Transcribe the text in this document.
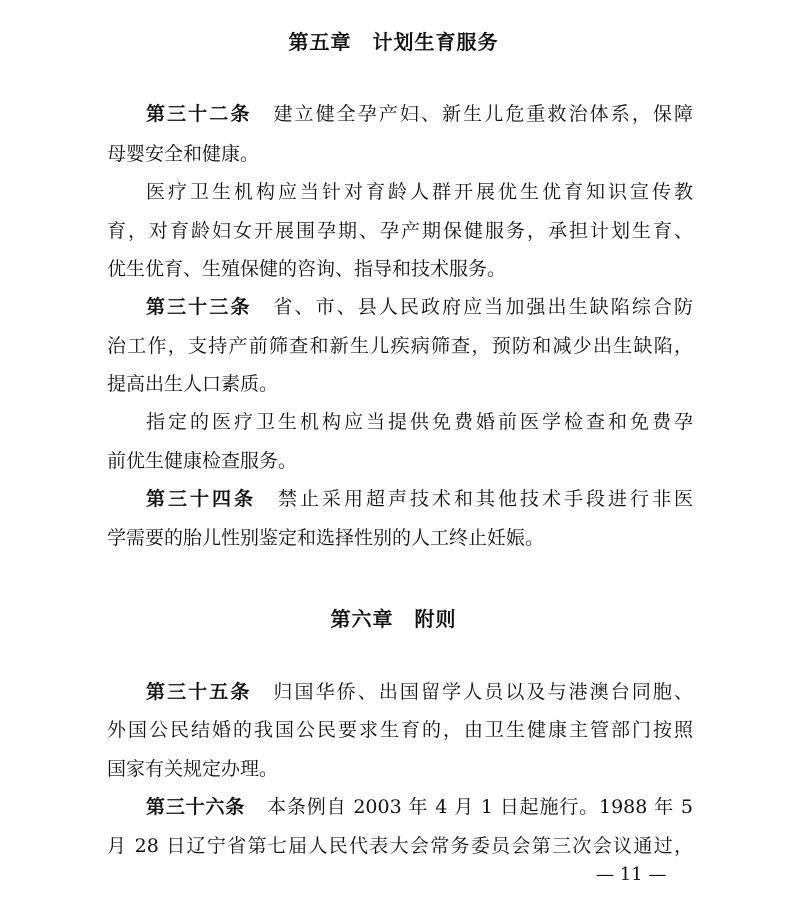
第五章　计划生育服务
第三十二条 建立健全孕产妇、新生儿危重救治体系，保障
母婴安全和健康。
医疗卫生机构应当针对育龄人群开展优生优育知识宣传教
育，对育龄妇女开展围孕期、孕产期保健服务，承担计划生育、
优生优育、生殖保健的咨询、指导和技术服务。
第三十三条 省、市、县人民政府应当加强出生缺陷综合防
治工作，支持产前筛查和新生儿疾病筛查，预防和减少出生缺陷，
提高出生人口素质。
指定的医疗卫生机构应当提供免费婚前医学检查和免费孕
前优生健康检查服务。
第三十四条 禁止采用超声技术和其他技术手段进行非医
学需要的胎儿性别鉴定和选择性别的人工终止妊娠。
第六章　附则
第三十五条 归国华侨、出国留学人员以及与港澳台同胞、
外国公民结婚的我国公民要求生育的，由卫生健康主管部门按照
国家有关规定办理。
第三十六条 本条例自 2003 年 4 月 1 日起施行。1988 年 5
月 28 日辽宁省第七届人民代表大会常务委员会第三次会议通过，
— 11 —
